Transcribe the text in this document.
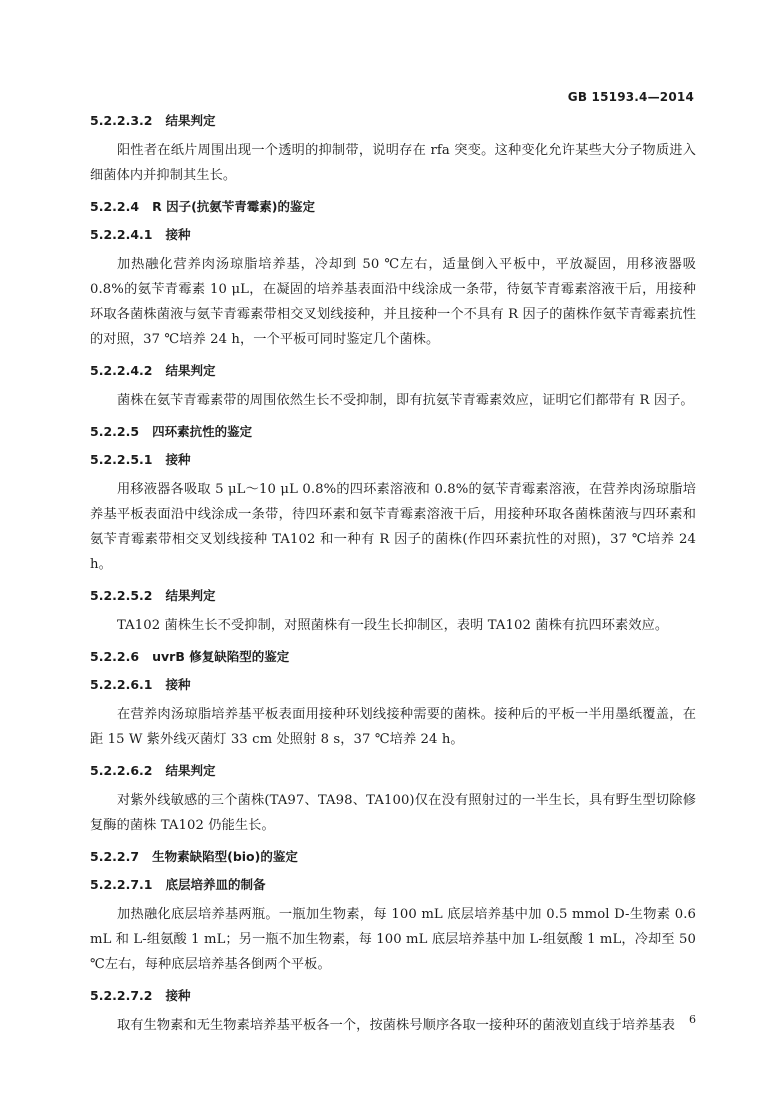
GB 15193.4—2014
5.2.2.3.2 结果判定

阳性者在纸片周围出现一个透明的抑制带，说明存在 rfa 突变。这种变化允许某些大分子物质进入细菌体内并抑制其生长。

5.2.2.4 R 因子(抗氨苄青霉素)的鉴定
5.2.2.4.1 接种

加热融化营养肉汤琼脂培养基，冷却到 50 ℃左右，适量倒入平板中，平放凝固，用移液器吸 0.8%的氨苄青霉素 10 μL，在凝固的培养基表面沿中线涂成一条带，待氨苄青霉素溶液干后，用接种环取各菌株菌液与氨苄青霉素带相交叉划线接种，并且接种一个不具有 R 因子的菌株作氨苄青霉素抗性的对照，37 ℃培养 24 h，一个平板可同时鉴定几个菌株。

5.2.2.4.2 结果判定

菌株在氨苄青霉素带的周围依然生长不受抑制，即有抗氨苄青霉素效应，证明它们都带有 R 因子。

5.2.2.5 四环素抗性的鉴定
5.2.2.5.1 接种

用移液器各吸取 5 μL～10 μL 0.8%的四环素溶液和 0.8%的氨苄青霉素溶液，在营养肉汤琼脂培养基平板表面沿中线涂成一条带，待四环素和氨苄青霉素溶液干后，用接种环取各菌株菌液与四环素和氨苄青霉素带相交叉划线接种 TA102 和一种有 R 因子的菌株(作四环素抗性的对照)，37 ℃培养 24 h。

5.2.2.5.2 结果判定

TA102 菌株生长不受抑制，对照菌株有一段生长抑制区，表明 TA102 菌株有抗四环素效应。

5.2.2.6 uvrB 修复缺陷型的鉴定
5.2.2.6.1 接种

在营养肉汤琼脂培养基平板表面用接种环划线接种需要的菌株。接种后的平板一半用墨纸覆盖，在距 15 W 紫外线灭菌灯 33 cm 处照射 8 s，37 ℃培养 24 h。

5.2.2.6.2 结果判定

对紫外线敏感的三个菌株(TA97、TA98、TA100)仅在没有照射过的一半生长，具有野生型切除修复酶的菌株 TA102 仍能生长。

5.2.2.7 生物素缺陷型(bio)的鉴定
5.2.2.7.1 底层培养皿的制备

加热融化底层培养基两瓶。一瓶加生物素，每 100 mL 底层培养基中加 0.5 mmol D-生物素 0.6 mL 和 L-组氨酸 1 mL；另一瓶不加生物素，每 100 mL 底层培养基中加 L-组氨酸 1 mL，冷却至 50 ℃左右，每种底层培养基各倒两个平板。

5.2.2.7.2 接种

取有生物素和无生物素培养基平板各一个，按菌株号顺序各取一接种环的菌液划直线于培养基表	6
